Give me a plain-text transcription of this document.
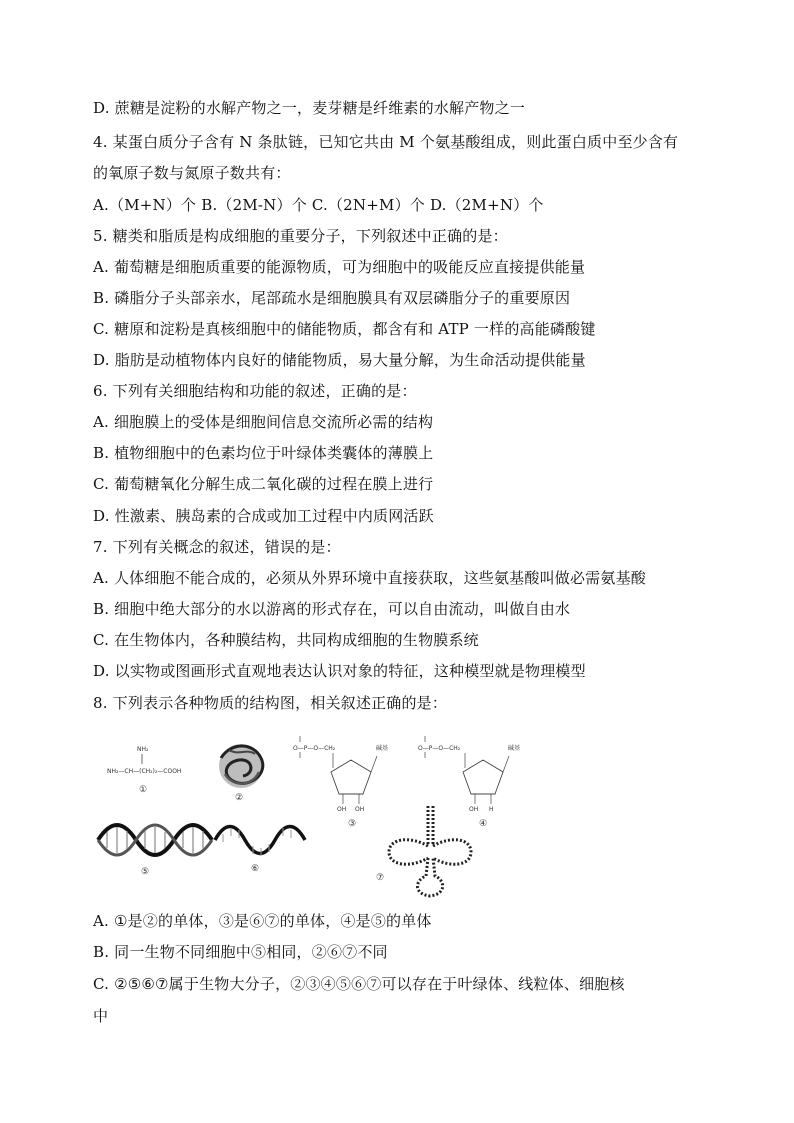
D. 蔗糖是淀粉的水解产物之一，麦芽糖是纤维素的水解产物之一
4. 某蛋白质分子含有 N 条肽链，已知它共由 M 个氨基酸组成，则此蛋白质中至少含有
的氧原子数与氮原子数共有：
A.（M+N）个 B.（2M-N）个 C.（2N+M）个 D.（2M+N）个
5. 糖类和脂质是构成细胞的重要分子，下列叙述中正确的是：
A. 葡萄糖是细胞质重要的能源物质，可为细胞中的吸能反应直接提供能量
B. 磷脂分子头部亲水，尾部疏水是细胞膜具有双层磷脂分子的重要原因
C. 糖原和淀粉是真核细胞中的储能物质，都含有和 ATP 一样的高能磷酸键
D. 脂肪是动植物体内良好的储能物质，易大量分解，为生命活动提供能量
6. 下列有关细胞结构和功能的叙述，正确的是：
A. 细胞膜上的受体是细胞间信息交流所必需的结构
B. 植物细胞中的色素均位于叶绿体类囊体的薄膜上
C. 葡萄糖氧化分解生成二氧化碳的过程在膜上进行
D. 性激素、胰岛素的合成或加工过程中内质网活跃
7. 下列有关概念的叙述，错误的是：
A. 人体细胞不能合成的，必须从外界环境中直接获取，这些氨基酸叫做必需氨基酸
B. 细胞中绝大部分的水以游离的形式存在，可以自由流动，叫做自由水
C. 在生物体内，各种膜结构，共同构成细胞的生物膜系统
D. 以实物或图画形式直观地表达认识对象的特征，这种模型就是物理模型
8. 下列表示各种物质的结构图，相关叙述正确的是：
NH₂
NH₂—CH—(CH₂)₂—COOH
①
②
O—P—O—CH₂	碱基
OH OH
③
O—P—O—CH₂	碱基
OH H
④
⑤	⑥
⑦
A. ①是②的单体，③是⑥⑦的单体，④是⑤的单体
B. 同一生物不同细胞中⑤相同，②⑥⑦不同
C. ②⑤⑥⑦属于生物大分子，②③④⑤⑥⑦可以存在于叶绿体、线粒体、细胞核
中
